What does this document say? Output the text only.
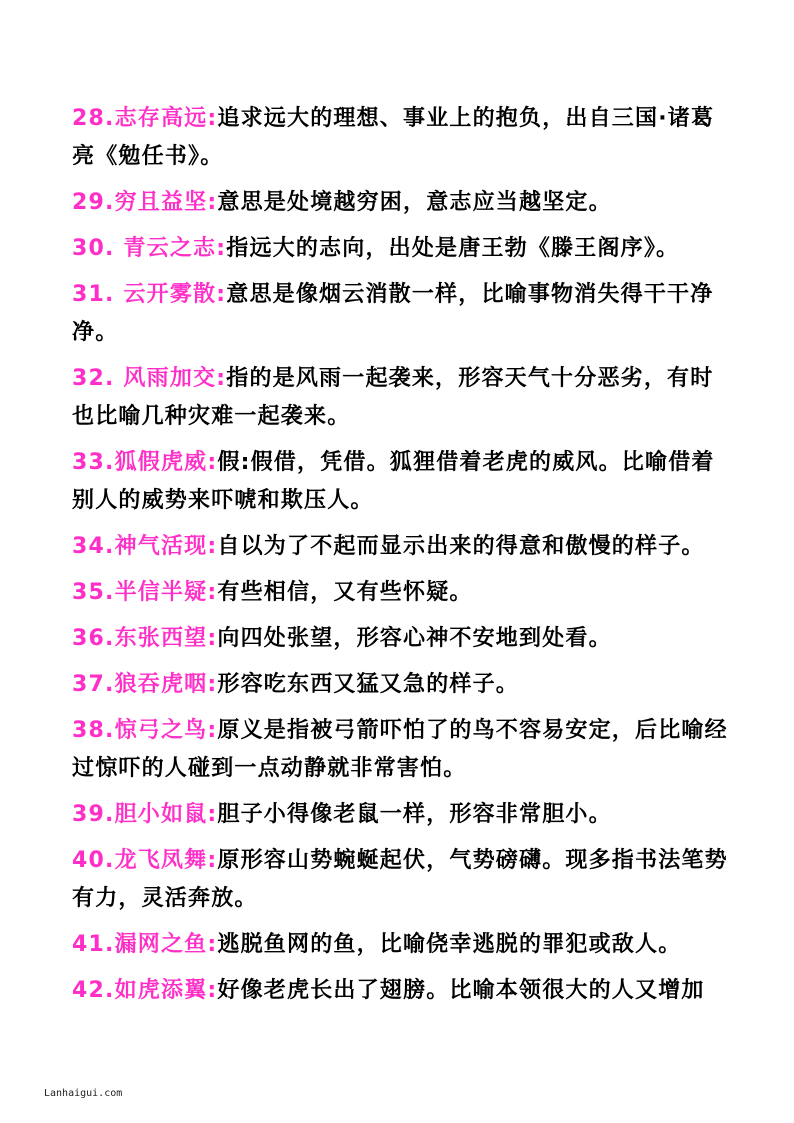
28.志存高远:追求远大的理想、事业上的抱负，出自三国·诸葛亮《勉任书》。
29.穷且益坚:意思是处境越穷困，意志应当越坚定。
30. 青云之志:指远大的志向，出处是唐王勃《滕王阁序》。
31. 云开雾散:意思是像烟云消散一样，比喻事物消失得干干净净。
32. 风雨加交:指的是风雨一起袭来，形容天气十分恶劣，有时也比喻几种灾难一起袭来。
33.狐假虎威:假:假借，凭借。狐狸借着老虎的威风。比喻借着别人的威势来吓唬和欺压人。
34.神气活现:自以为了不起而显示出来的得意和傲慢的样子。
35.半信半疑:有些相信，又有些怀疑。
36.东张西望:向四处张望，形容心神不安地到处看。
37.狼吞虎咽:形容吃东西又猛又急的样子。
38.惊弓之鸟:原义是指被弓箭吓怕了的鸟不容易安定，后比喻经过惊吓的人碰到一点动静就非常害怕。
39.胆小如鼠:胆子小得像老鼠一样，形容非常胆小。
40.龙飞凤舞:原形容山势蜿蜒起伏，气势磅礴。现多指书法笔势有力，灵活奔放。
41.漏网之鱼:逃脱鱼网的鱼，比喻侥幸逃脱的罪犯或敌人。
42.如虎添翼:好像老虎长出了翅膀。比喻本领很大的人又增加
Lanhaigui.com
